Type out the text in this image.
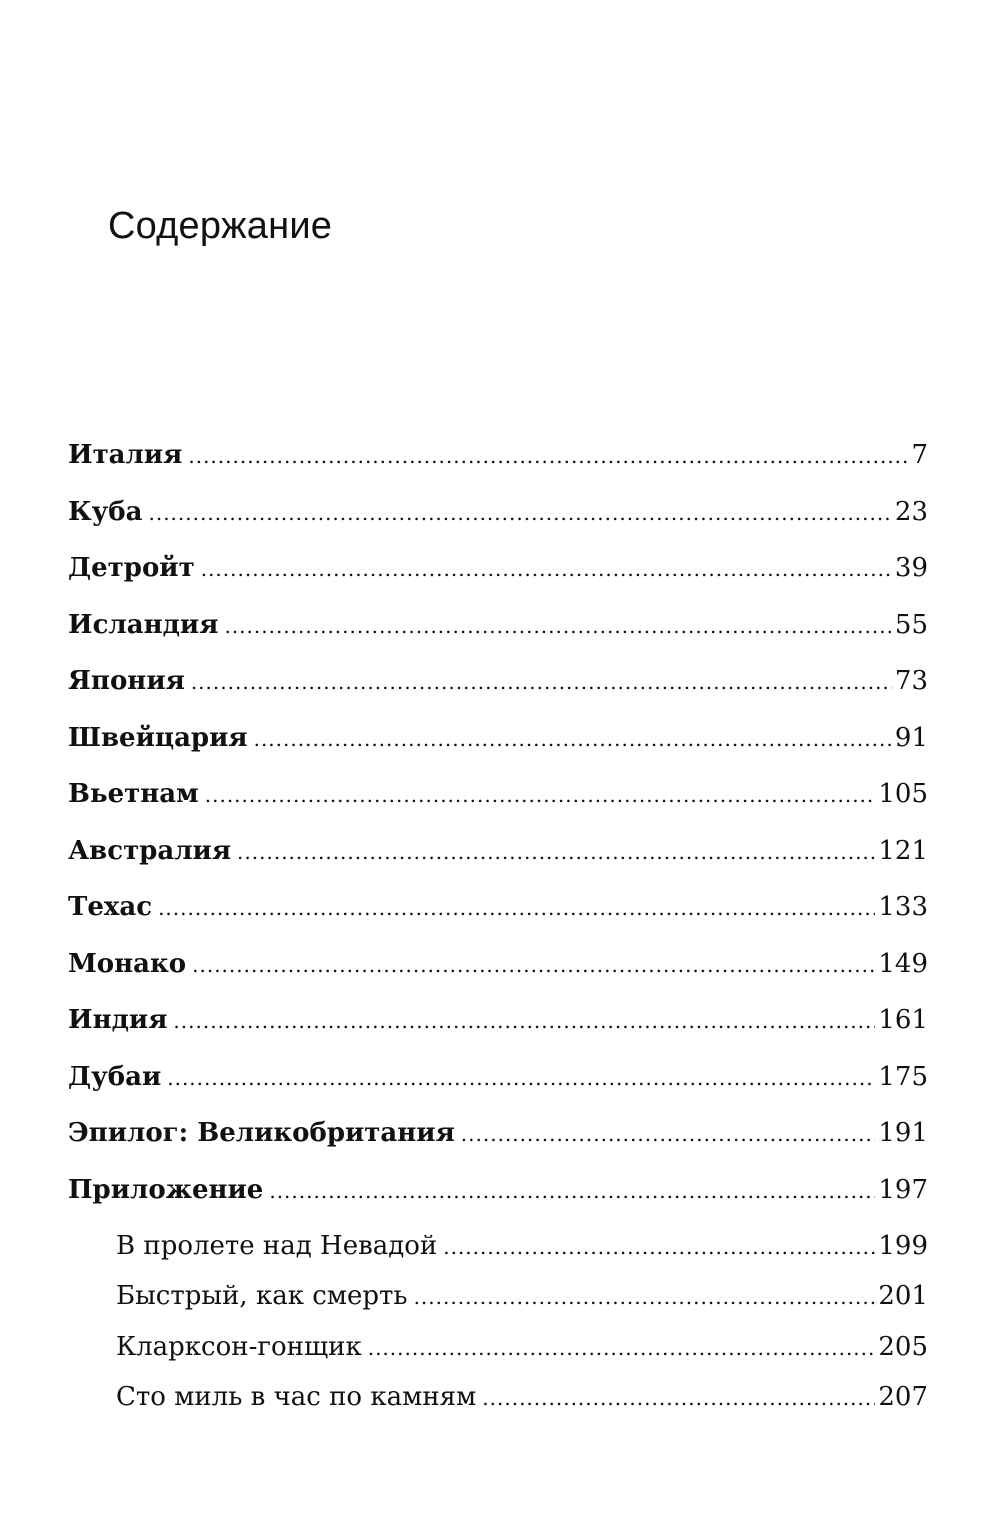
Содержание
Италия .....	7
Куба .....	23
Детройт .....	39
Исландия .....	55
Япония .....	73
Швейцария .....	91
Вьетнам .....	105
Австралия .....	121
Техас .....	133
Монако .....	149
Индия .....	161
Дубаи .....	175
Эпилог: Великобритания .....	191
Приложение .....	197
В пролете над Невадой .....	199
Быстрый, как смерть .....	201
Кларксон-гонщик .....	205
Сто миль в час по камням .....	207
